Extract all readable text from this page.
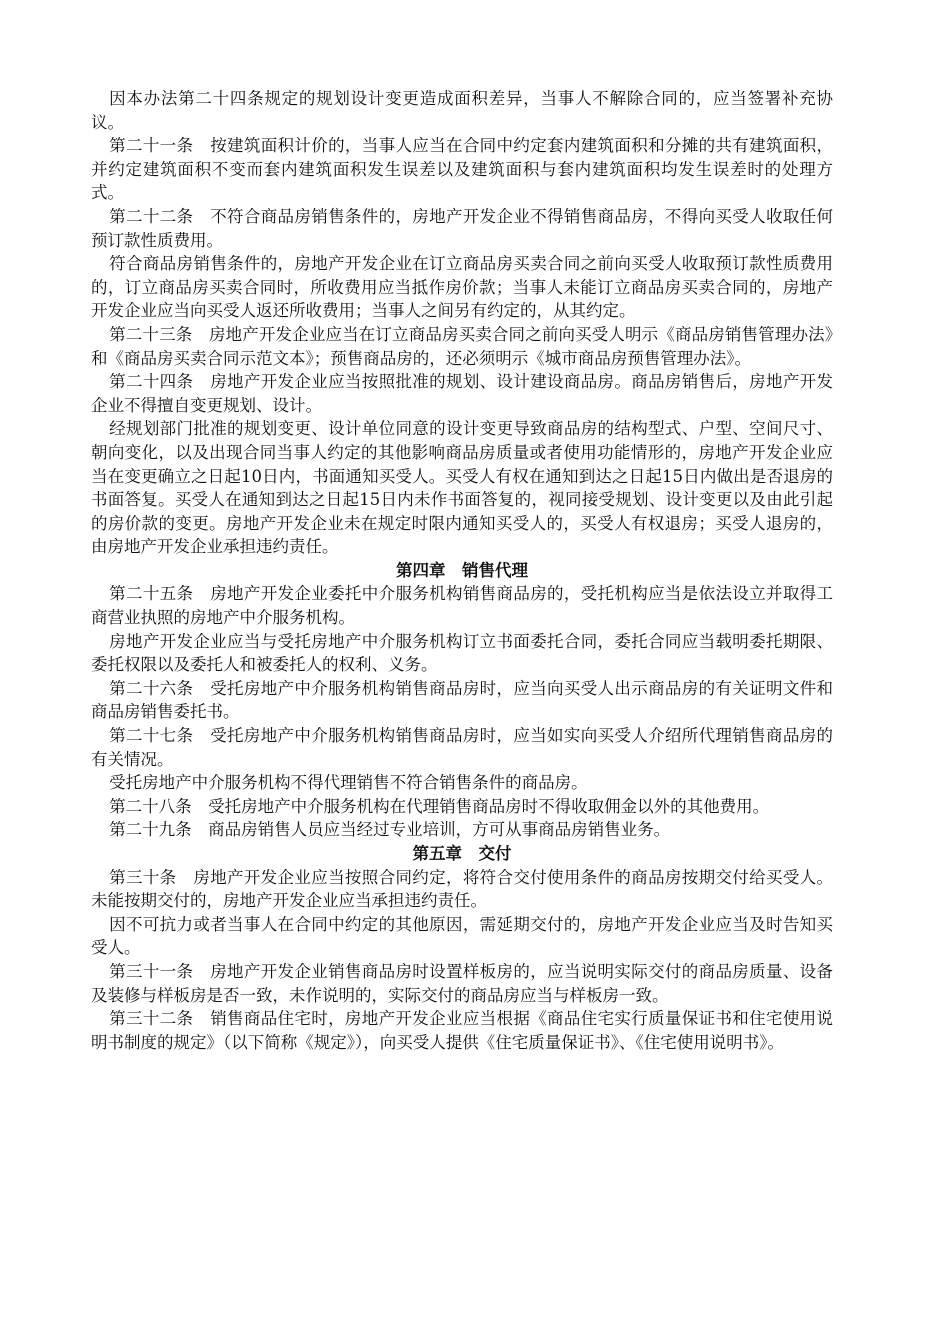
因本办法第二十四条规定的规划设计变更造成面积差异，当事人不解除合同的，应当签署补充协议。

第二十一条　按建筑面积计价的，当事人应当在合同中约定套内建筑面积和分摊的共有建筑面积，并约定建筑面积不变而套内建筑面积发生误差以及建筑面积与套内建筑面积均发生误差时的处理方式。

第二十二条　不符合商品房销售条件的，房地产开发企业不得销售商品房，不得向买受人收取任何预订款性质费用。

符合商品房销售条件的，房地产开发企业在订立商品房买卖合同之前向买受人收取预订款性质费用的，订立商品房买卖合同时，所收费用应当抵作房价款；当事人未能订立商品房买卖合同的，房地产开发企业应当向买受人返还所收费用；当事人之间另有约定的，从其约定。

第二十三条　房地产开发企业应当在订立商品房买卖合同之前向买受人明示《商品房销售管理办法》和《商品房买卖合同示范文本》；预售商品房的，还必须明示《城市商品房预售管理办法》。

第二十四条　房地产开发企业应当按照批准的规划、设计建设商品房。商品房销售后，房地产开发企业不得擅自变更规划、设计。

经规划部门批准的规划变更、设计单位同意的设计变更导致商品房的结构型式、户型、空间尺寸、朝向变化，以及出现合同当事人约定的其他影响商品房质量或者使用功能情形的，房地产开发企业应当在变更确立之日起10日内，书面通知买受人。买受人有权在通知到达之日起15日内做出是否退房的书面答复。买受人在通知到达之日起15日内未作书面答复的，视同接受规划、设计变更以及由此引起的房价款的变更。房地产开发企业未在规定时限内通知买受人的，买受人有权退房；买受人退房的，由房地产开发企业承担违约责任。

第四章　销售代理

第二十五条　房地产开发企业委托中介服务机构销售商品房的，受托机构应当是依法设立并取得工商营业执照的房地产中介服务机构。

房地产开发企业应当与受托房地产中介服务机构订立书面委托合同，委托合同应当载明委托期限、委托权限以及委托人和被委托人的权利、义务。

第二十六条　受托房地产中介服务机构销售商品房时，应当向买受人出示商品房的有关证明文件和商品房销售委托书。

第二十七条　受托房地产中介服务机构销售商品房时，应当如实向买受人介绍所代理销售商品房的有关情况。

受托房地产中介服务机构不得代理销售不符合销售条件的商品房。

第二十八条　受托房地产中介服务机构在代理销售商品房时不得收取佣金以外的其他费用。

第二十九条　商品房销售人员应当经过专业培训，方可从事商品房销售业务。

第五章　交付

第三十条　房地产开发企业应当按照合同约定，将符合交付使用条件的商品房按期交付给买受人。未能按期交付的，房地产开发企业应当承担违约责任。

因不可抗力或者当事人在合同中约定的其他原因，需延期交付的，房地产开发企业应当及时告知买受人。

第三十一条　房地产开发企业销售商品房时设置样板房的，应当说明实际交付的商品房质量、设备及装修与样板房是否一致，未作说明的，实际交付的商品房应当与样板房一致。

第三十二条　销售商品住宅时，房地产开发企业应当根据《商品住宅实行质量保证书和住宅使用说明书制度的规定》（以下简称《规定》），向买受人提供《住宅质量保证书》、《住宅使用说明书》。
